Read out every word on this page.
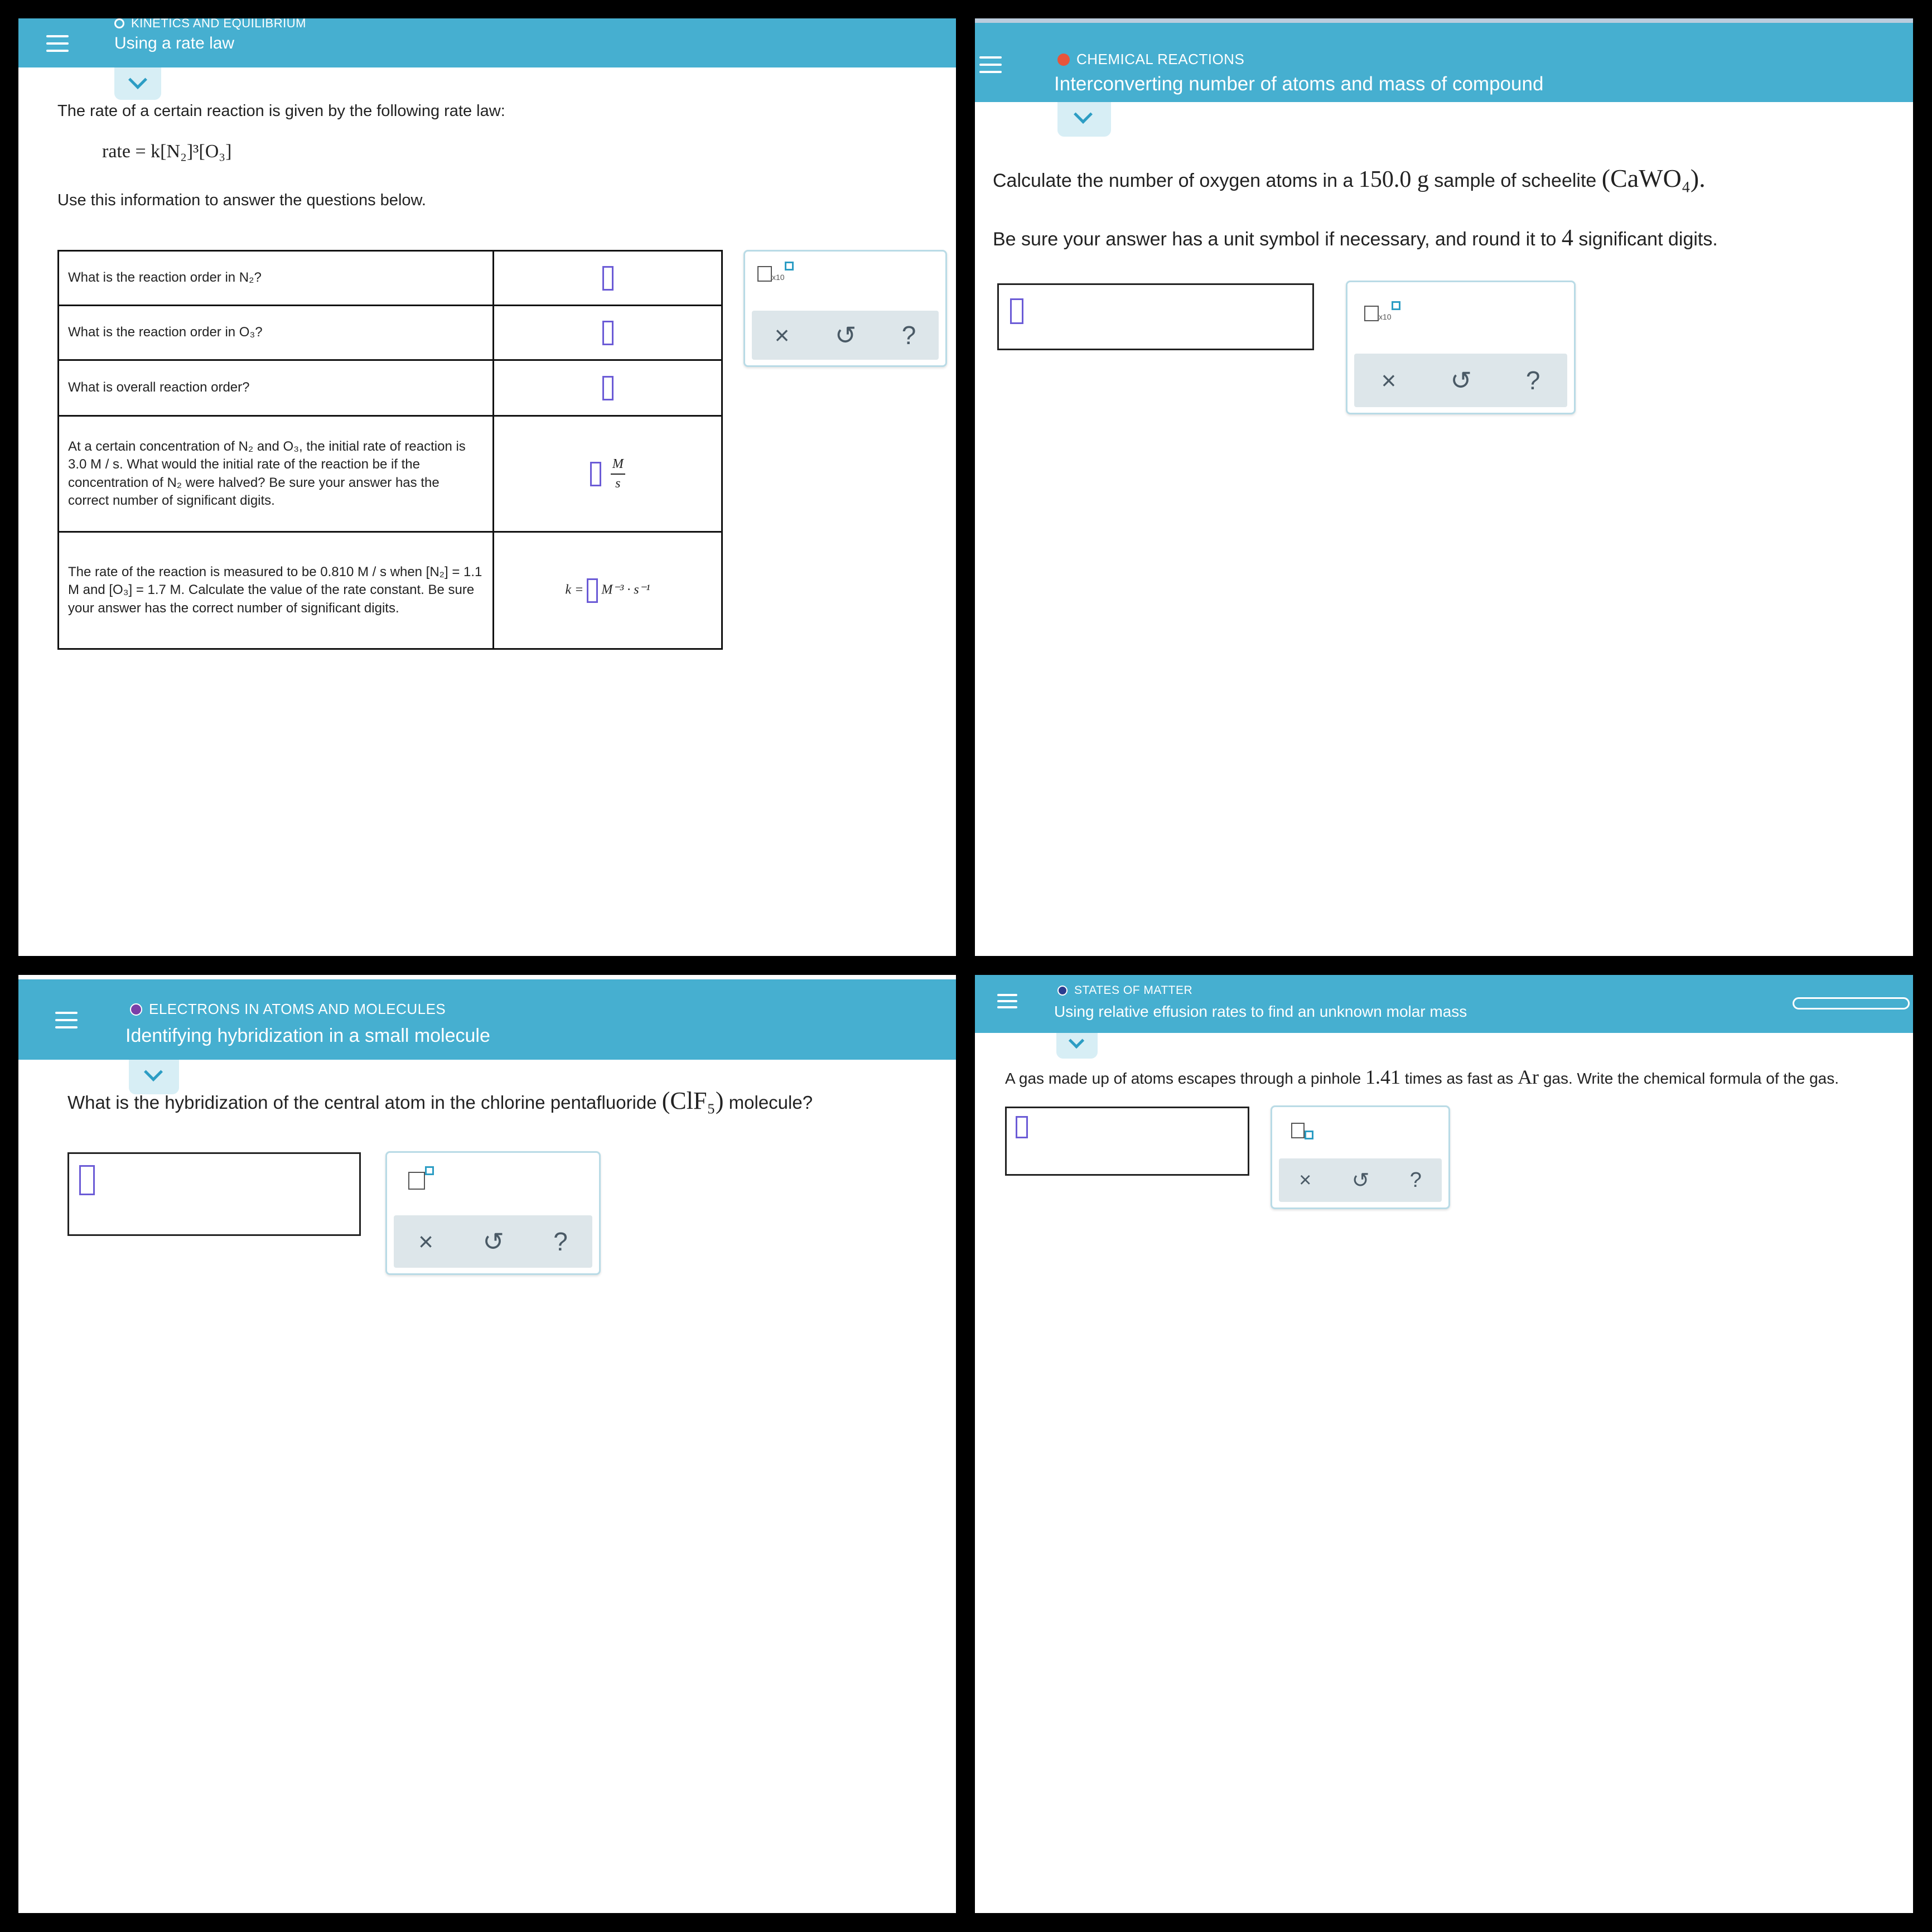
KINETICS AND EQUILIBRIUM
Using a rate law
The rate of a certain reaction is given by the following rate law:
rate = k[N₂]³[O₃]
Use this information to answer the questions below.
What is the reaction order in N₂?	
What is the reaction order in O₃?	
What is overall reaction order?	
At a certain concentration of N₂ and O₃, the initial rate of reaction is 3.0 M / s. What would the initial rate of the reaction be if the concentration of N₂ were halved? Be sure your answer has the correct number of significant digits.	$\frac{M}{s}$

The rate of the reaction is measured to be 0.810 M / s when [N₂] = 1.1 M and [O₃] = 1.7 M. Calculate the value of the rate constant. Be sure your answer has the correct number of significant digits.	k = M⁻³ · s⁻¹
x10
× ↺ ?
CHEMICAL REACTIONS
Interconverting number of atoms and mass of compound
Calculate the number of oxygen atoms in a 150.0 g sample of scheelite (CaWO₄).
Be sure your answer has a unit symbol if necessary, and round it to 4 significant digits.
x10
× ↺ ?
ELECTRONS IN ATOMS AND MOLECULES
Identifying hybridization in a small molecule
What is the hybridization of the central atom in the chlorine pentafluoride (ClF₅) molecule?
× ↺ ?
STATES OF MATTER
Using relative effusion rates to find an unknown molar mass
A gas made up of atoms escapes through a pinhole 1.41 times as fast as Ar gas. Write the chemical formula of the gas.
× ↺ ?
